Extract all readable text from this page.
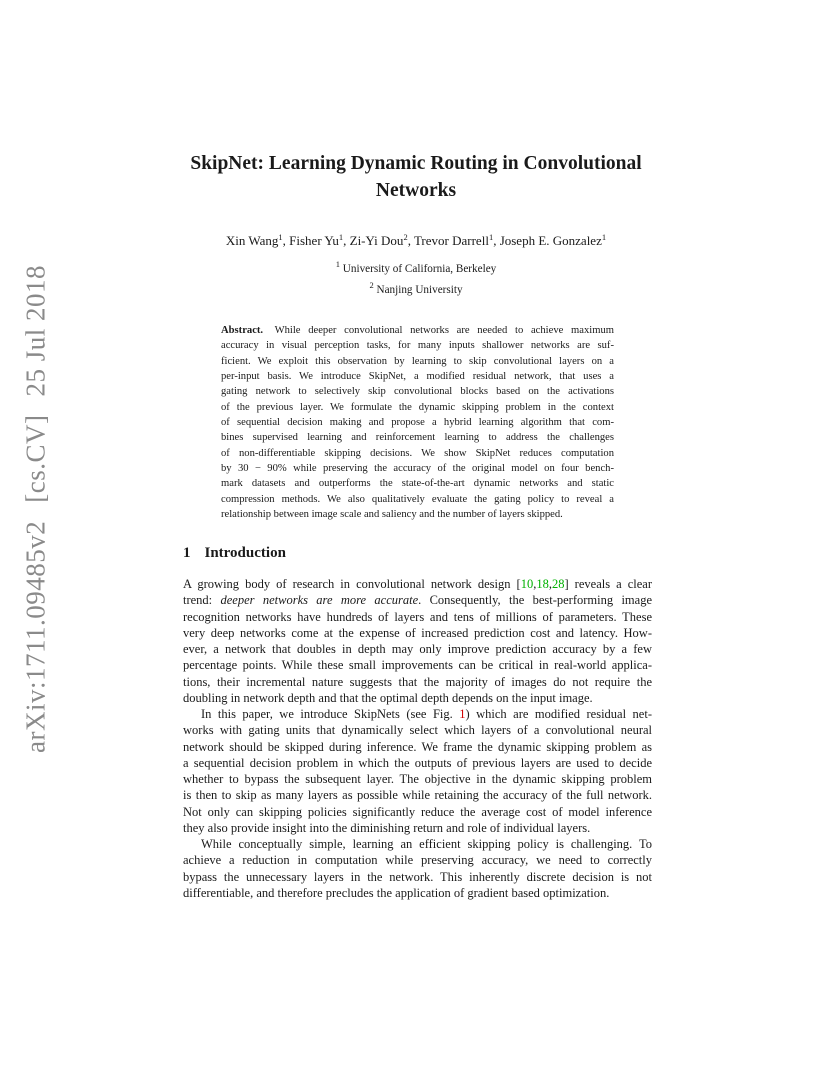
arXiv:1711.09485v2[cs.CV]25 Jul 2018
SkipNet: Learning Dynamic Routing in Convolutional
Networks
Xin Wang$^1$, Fisher Yu$^1$, Zi-Yi Dou$^2$, Trevor Darrell$^1$, Joseph E. Gonzalez$^1$
$^1$ University of California, Berkeley
$^2$ Nanjing University
Abstract. While deeper convolutional networks are needed to achieve maximum
accuracy in visual perception tasks, for many inputs shallower networks are suf-
ficient. We exploit this observation by learning to skip convolutional layers on a
per-input basis. We introduce SkipNet, a modified residual network, that uses a
gating network to selectively skip convolutional blocks based on the activations
of the previous layer. We formulate the dynamic skipping problem in the context
of sequential decision making and propose a hybrid learning algorithm that com-
bines supervised learning and reinforcement learning to address the challenges
of non-differentiable skipping decisions. We show SkipNet reduces computation
by 30 − 90% while preserving the accuracy of the original model on four bench-
mark datasets and outperforms the state-of-the-art dynamic networks and static
compression methods. We also qualitatively evaluate the gating policy to reveal a
relationship between image scale and saliency and the number of layers skipped.
1 Introduction
A growing body of research in convolutional network design [10,18,28] reveals a clear
trend: deeper networks are more accurate. Consequently, the best-performing image
recognition networks have hundreds of layers and tens of millions of parameters. These
very deep networks come at the expense of increased prediction cost and latency. How-
ever, a network that doubles in depth may only improve prediction accuracy by a few
percentage points. While these small improvements can be critical in real-world applica-
tions, their incremental nature suggests that the majority of images do not require the
doubling in network depth and that the optimal depth depends on the input image.
In this paper, we introduce SkipNets (see Fig. 1) which are modified residual net-
works with gating units that dynamically select which layers of a convolutional neural
network should be skipped during inference. We frame the dynamic skipping problem as
a sequential decision problem in which the outputs of previous layers are used to decide
whether to bypass the subsequent layer. The objective in the dynamic skipping problem
is then to skip as many layers as possible while retaining the accuracy of the full network.
Not only can skipping policies significantly reduce the average cost of model inference
they also provide insight into the diminishing return and role of individual layers.
While conceptually simple, learning an efficient skipping policy is challenging. To
achieve a reduction in computation while preserving accuracy, we need to correctly
bypass the unnecessary layers in the network. This inherently discrete decision is not
differentiable, and therefore precludes the application of gradient based optimization.
